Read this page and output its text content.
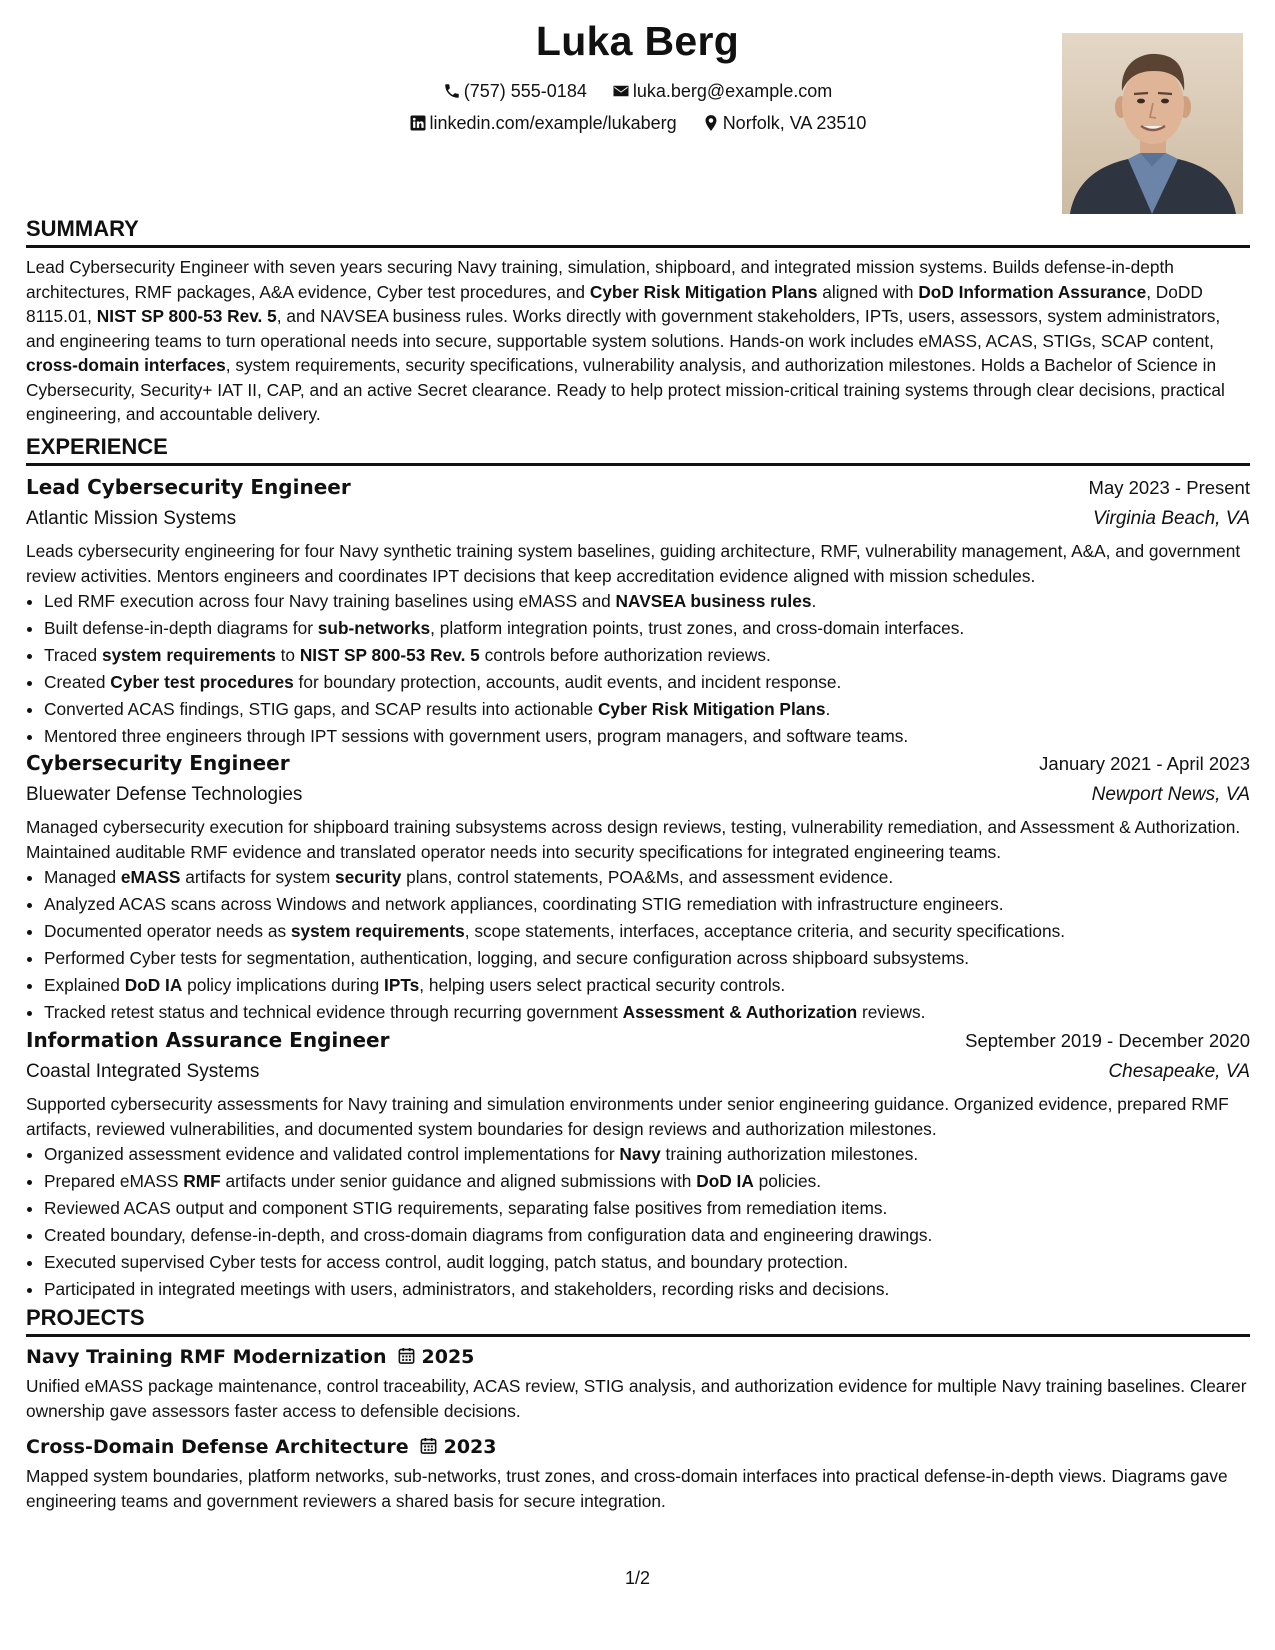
Luka Berg
(757) 555-0184	luka.berg@example.com
linkedin.com/example/lukaberg	Norfolk, VA 23510
SUMMARY

Lead Cybersecurity Engineer with seven years securing Navy training, simulation, shipboard, and integrated mission systems. Builds defense-in-depth architectures, RMF packages, A&A evidence, Cyber test procedures, and Cyber Risk Mitigation Plans aligned with DoD Information Assurance, DoDD 8115.01, NIST SP 800-53 Rev. 5, and NAVSEA business rules. Works directly with government stakeholders, IPTs, users, assessors, system administrators, and engineering teams to turn operational needs into secure, supportable system solutions. Hands-on work includes eMASS, ACAS, STIGs, SCAP content, cross-domain interfaces, system requirements, security specifications, vulnerability analysis, and authorization milestones. Holds a Bachelor of Science in Cybersecurity, Security+ IAT II, CAP, and an active Secret clearance. Ready to help protect mission-critical training systems through clear decisions, practical engineering, and accountable delivery.

EXPERIENCE
Lead Cybersecurity Engineer	May 2023 - Present
Atlantic Mission Systems	Virginia Beach, VA

Leads cybersecurity engineering for four Navy synthetic training system baselines, guiding architecture, RMF, vulnerability management, A&A, and government review activities. Mentors engineers and coordinates IPT decisions that keep accreditation evidence aligned with mission schedules.

• Led RMF execution across four Navy training baselines using eMASS and NAVSEA business rules.
• Built defense-in-depth diagrams for sub-networks, platform integration points, trust zones, and cross-domain interfaces.
• Traced system requirements to NIST SP 800-53 Rev. 5 controls before authorization reviews.
• Created Cyber test procedures for boundary protection, accounts, audit events, and incident response.
• Converted ACAS findings, STIG gaps, and SCAP results into actionable Cyber Risk Mitigation Plans.
• Mentored three engineers through IPT sessions with government users, program managers, and software teams.
Cybersecurity Engineer	January 2021 - April 2023
Bluewater Defense Technologies	Newport News, VA

Managed cybersecurity execution for shipboard training subsystems across design reviews, testing, vulnerability remediation, and Assessment & Authorization. Maintained auditable RMF evidence and translated operator needs into security specifications for integrated engineering teams.

• Managed eMASS artifacts for system security plans, control statements, POA&Ms, and assessment evidence.
• Analyzed ACAS scans across Windows and network appliances, coordinating STIG remediation with infrastructure engineers.
• Documented operator needs as system requirements, scope statements, interfaces, acceptance criteria, and security specifications.
• Performed Cyber tests for segmentation, authentication, logging, and secure configuration across shipboard subsystems.
• Explained DoD IA policy implications during IPTs, helping users select practical security controls.
• Tracked retest status and technical evidence through recurring government Assessment & Authorization reviews.
Information Assurance Engineer	September 2019 - December 2020
Coastal Integrated Systems	Chesapeake, VA

Supported cybersecurity assessments for Navy training and simulation environments under senior engineering guidance. Organized evidence, prepared RMF artifacts, reviewed vulnerabilities, and documented system boundaries for design reviews and authorization milestones.

• Organized assessment evidence and validated control implementations for Navy training authorization milestones.
• Prepared eMASS RMF artifacts under senior guidance and aligned submissions with DoD IA policies.
• Reviewed ACAS output and component STIG requirements, separating false positives from remediation items.
• Created boundary, defense-in-depth, and cross-domain diagrams from configuration data and engineering drawings.
• Executed supervised Cyber tests for access control, audit logging, patch status, and boundary protection.
• Participated in integrated meetings with users, administrators, and stakeholders, recording risks and decisions.
PROJECTS
Navy Training RMF Modernization 2025

Unified eMASS package maintenance, control traceability, ACAS review, STIG analysis, and authorization evidence for multiple Navy training baselines. Clearer ownership gave assessors faster access to defensible decisions.

Cross-Domain Defense Architecture 2023

Mapped system boundaries, platform networks, sub-networks, trust zones, and cross-domain interfaces into practical defense-in-depth views. Diagrams gave engineering teams and government reviewers a shared basis for secure integration.

1/2
